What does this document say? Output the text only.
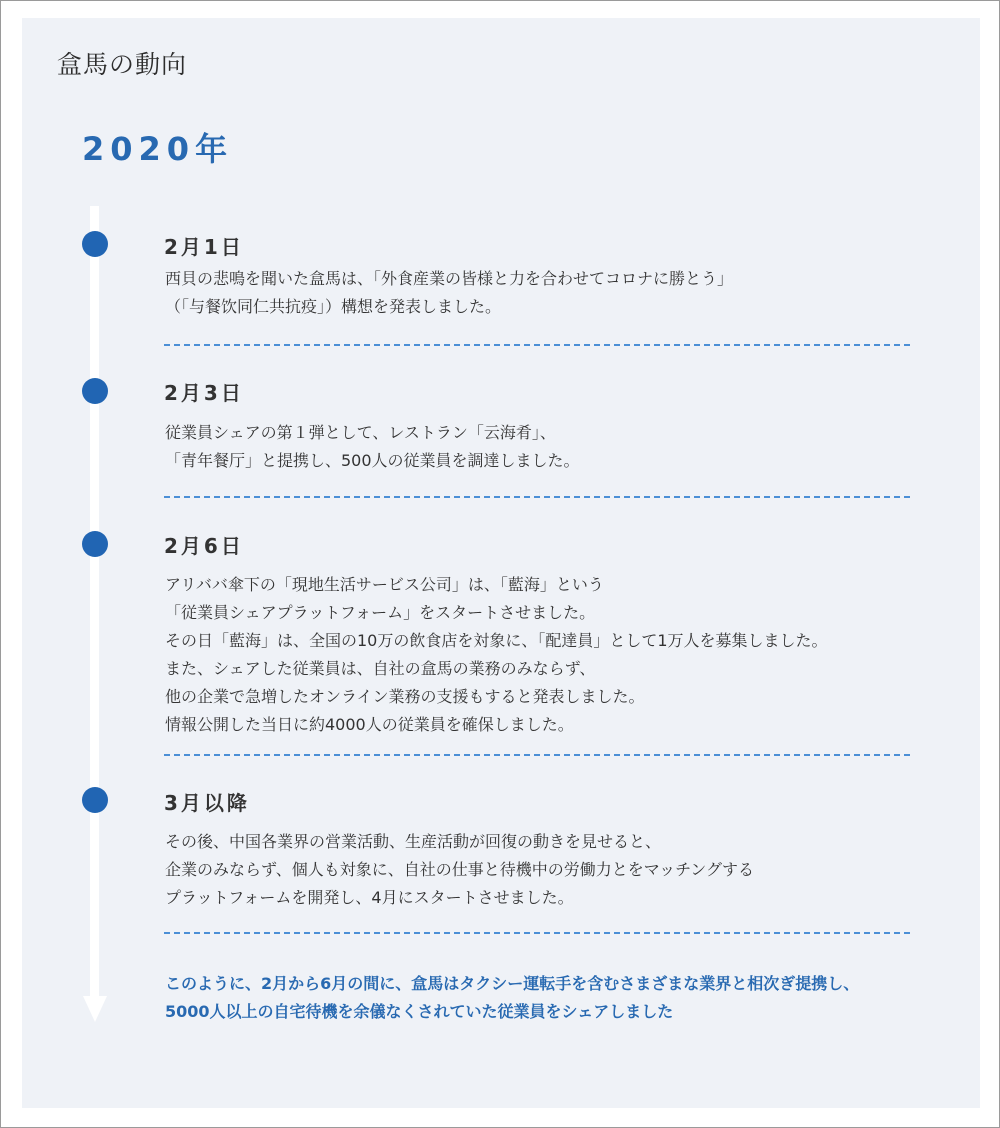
盒馬の動向
2020年
2月1日
西貝の悲鳴を聞いた盒馬は、「外食産業の皆様と力を合わせてコロナに勝とう」
（「与餐饮同仁共抗疫」）構想を発表しました。
2月3日
従業員シェアの第１弾として、レストラン「云海肴」、
「青年餐厅」と提携し、500人の従業員を調達しました。
2月6日
アリババ傘下の「現地生活サービス公司」は、「藍海」という
「従業員シェアプラットフォーム」をスタートさせました。
その日「藍海」は、全国の10万の飲食店を対象に、「配達員」として1万人を募集しました。
また、シェアした従業員は、自社の盒馬の業務のみならず、
他の企業で急増したオンライン業務の支援もすると発表しました。
情報公開した当日に約4000人の従業員を確保しました。
3月以降
その後、中国各業界の営業活動、生産活動が回復の動きを見せると、
企業のみならず、個人も対象に、自社の仕事と待機中の労働力とをマッチングする
プラットフォームを開発し、4月にスタートさせました。
このように、2月から6月の間に、盒馬はタクシー運転手を含むさまざまな業界と相次ぎ提携し、
5000人以上の自宅待機を余儀なくされていた従業員をシェアしました
